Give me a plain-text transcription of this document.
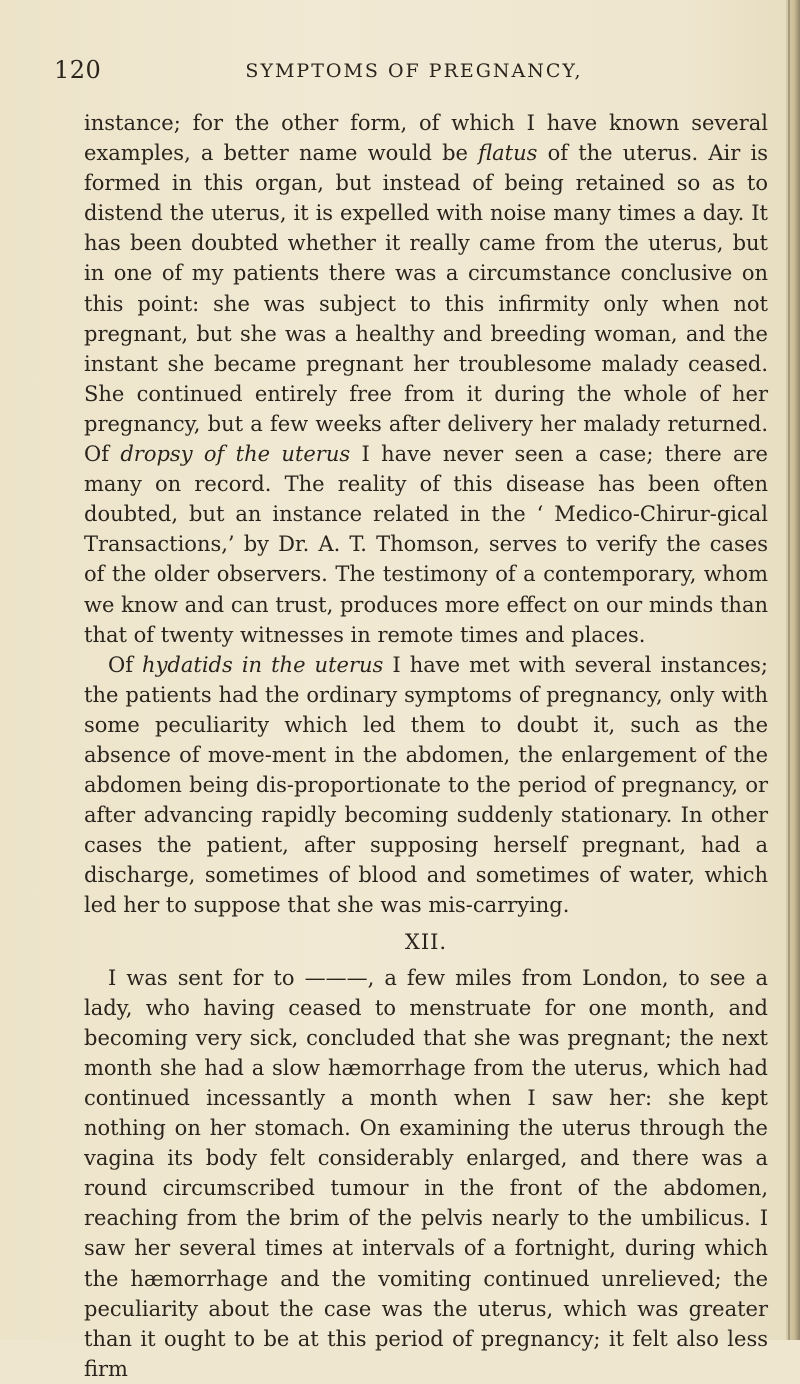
120	SYMPTOMS OF PREGNANCY,

instance; for the other form, of which I have known several examples, a better name would be flatus of the uterus. Air is formed in this organ, but instead of being retained so as to distend the uterus, it is expelled with noise many times a day. It has been doubted whether it really came from the uterus, but in one of my patients there was a circumstance conclusive on this point: she was subject to this infirmity only when not pregnant, but she was a healthy and breeding woman, and the instant she became pregnant her troublesome malady ceased. She continued entirely free from it during the whole of her pregnancy, but a few weeks after delivery her malady returned. Of dropsy of the uterus I have never seen a case; there are many on record. The reality of this disease has been often doubted, but an instance related in the ‘ Medico-Chirur-gical Transactions,’ by Dr. A. T. Thomson, serves to verify the cases of the older observers. The testimony of a contemporary, whom we know and can trust, produces more effect on our minds than that of twenty witnesses in remote times and places.

Of hydatids in the uterus I have met with several instances; the patients had the ordinary symptoms of pregnancy, only with some peculiarity which led them to doubt it, such as the absence of move-ment in the abdomen, the enlargement of the abdomen being dis-proportionate to the period of pregnancy, or after advancing rapidly becoming suddenly stationary. In other cases the patient, after supposing herself pregnant, had a discharge, sometimes of blood and sometimes of water, which led her to suppose that she was mis-carrying.

XII.

I was sent for to ———, a few miles from London, to see a lady, who having ceased to menstruate for one month, and becoming very sick, concluded that she was pregnant; the next month she had a slow hæmorrhage from the uterus, which had continued incessantly a month when I saw her: she kept nothing on her stomach. On examining the uterus through the vagina its body felt considerably enlarged, and there was a round circumscribed tumour in the front of the abdomen, reaching from the brim of the pelvis nearly to the umbilicus. I saw her several times at intervals of a fortnight, during which the hæmorrhage and the vomiting continued unrelieved; the peculiarity about the case was the uterus, which was greater than it ought to be at this period of pregnancy; it felt also less firm
